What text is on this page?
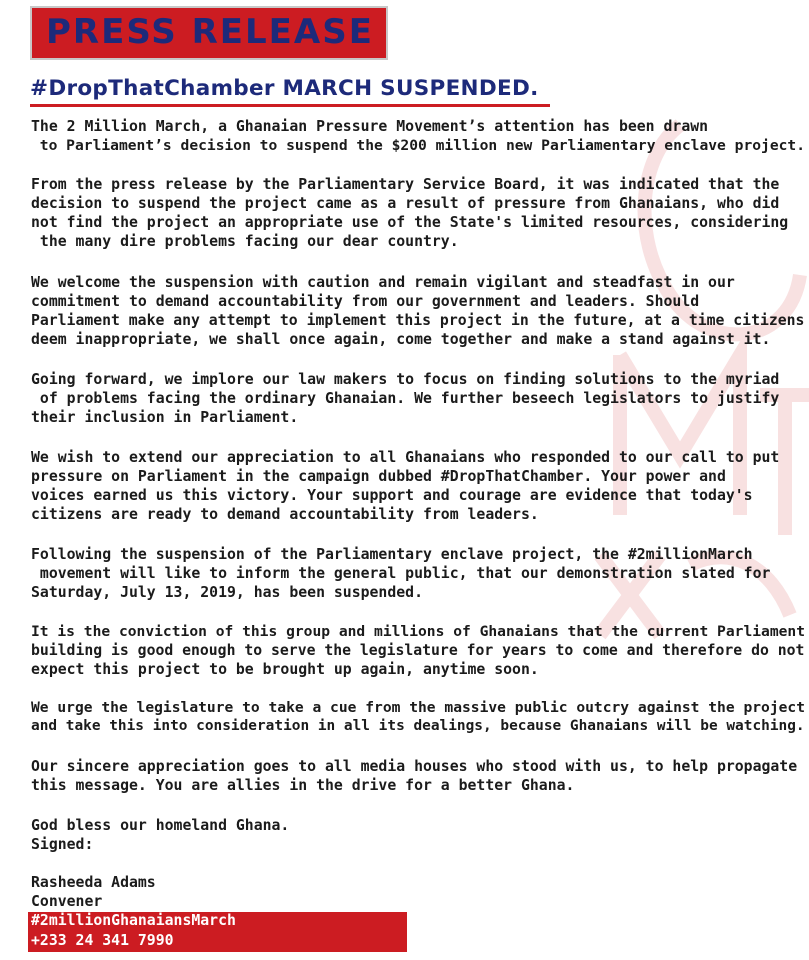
PRESS RELEASE
#DropThatChamber MARCH SUSPENDED.
The 2 Million March, a Ghanaian Pressure Movement’s attention has been drawn
to Parliament’s decision to suspend the $200 million new Parliamentary enclave project.
From the press release by the Parliamentary Service Board, it was indicated that the
decision to suspend the project came as a result of pressure from Ghanaians, who did
not find the project an appropriate use of the State's limited resources, considering
the many dire problems facing our dear country.
We welcome the suspension with caution and remain vigilant and steadfast in our
commitment to demand accountability from our government and leaders. Should
Parliament make any attempt to implement this project in the future, at a time citizens
deem inappropriate, we shall once again, come together and make a stand against it.
Going forward, we implore our law makers to focus on finding solutions to the myriad
of problems facing the ordinary Ghanaian. We further beseech legislators to justify
their inclusion in Parliament.
We wish to extend our appreciation to all Ghanaians who responded to our call to put
pressure on Parliament in the campaign dubbed #DropThatChamber. Your power and
voices earned us this victory. Your support and courage are evidence that today's
citizens are ready to demand accountability from leaders.
Following the suspension of the Parliamentary enclave project, the #2millionMarch
movement will like to inform the general public, that our demonstration slated for
Saturday, July 13, 2019, has been suspended.
It is the conviction of this group and millions of Ghanaians that the current Parliament
building is good enough to serve the legislature for years to come and therefore do not
expect this project to be brought up again, anytime soon.
We urge the legislature to take a cue from the massive public outcry against the project
and take this into consideration in all its dealings, because Ghanaians will be watching.
Our sincere appreciation goes to all media houses who stood with us, to help propagate
this message. You are allies in the drive for a better Ghana.
God bless our homeland Ghana.
Signed:
Rasheeda Adams
Convener
#2millionGhanaiansMarch
+233 24 341 7990
